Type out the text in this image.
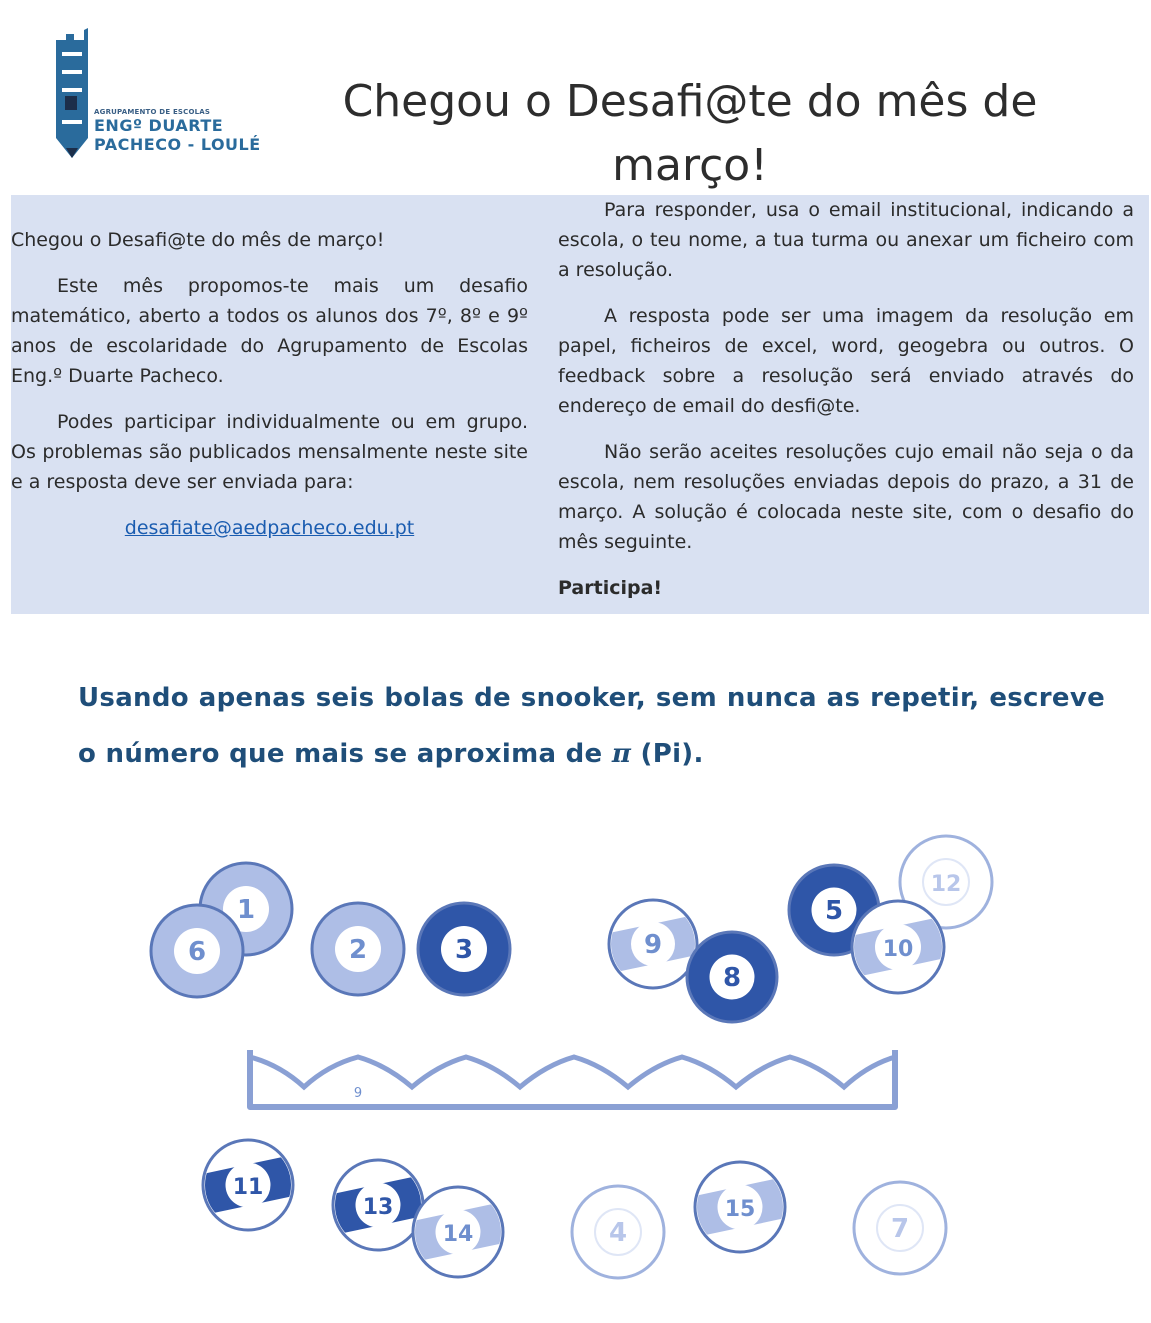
AGRUPAMENTO DE ESCOLAS
ENGº DUARTE
PACHECO - LOULÉ
Chegou o Desafi@te do mês de março!

Chegou o Desafi@te do mês de março!

Este mês propomos-te mais um desafio matemático, aberto a todos os alunos dos 7º, 8º e 9º anos de escolaridade do Agrupamento de Escolas Eng.º Duarte Pacheco.

Podes participar individualmente ou em grupo. Os problemas são publicados mensalmente neste site e a resposta deve ser enviada para:

desafiate@aedpacheco.edu.pt

Para responder, usa o email institucional, indicando a escola, o teu nome, a tua turma ou anexar um ficheiro com a resolução.

A resposta pode ser uma imagem da resolução em papel, ficheiros de excel, word, geogebra ou outros. O feedback sobre a resolução será enviado através do endereço de email do desfi@te.

Não serão aceites resoluções cujo email não seja o da escola, nem resoluções enviadas depois do prazo, a 31 de março. A solução é colocada neste site, com o desafio do mês seguinte.

Participa!

Usando apenas seis bolas de snooker, sem nunca as repetir, escreve o número que mais se aproxima de π (Pi).

1
6	2	3	9
8
5
12
10
11
13
14	4
15
7
9
